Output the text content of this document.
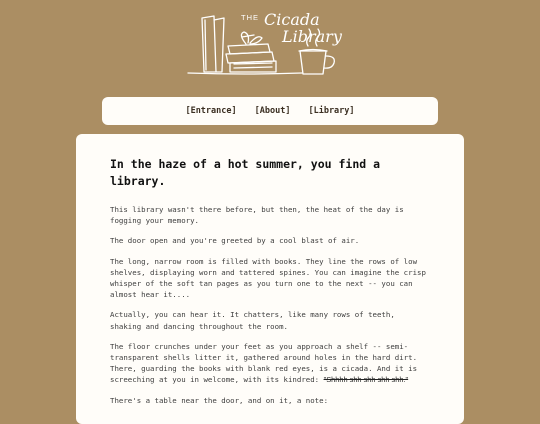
THE Cicada
Library
[Entrance] [About] [Library]
In the haze of a hot summer, you find a library.

This library wasn't there before, but then, the heat of the day is fogging your memory.

The door open and you're greeted by a cool blast of air.

The long, narrow room is filled with books. They line the rows of low shelves, displaying worn and tattered spines. You can imagine the crisp whisper of the soft tan pages as you turn one to the next -- you can almost hear it....

Actually, you can hear it. It chatters, like many rows of teeth, shaking and dancing throughout the room.

The floor crunches under your feet as you approach a shelf -- semi-transparent shells litter it, gathered around holes in the hard dirt. There, guarding the books with blank red eyes, is a cicada. And it is screeching at you in welcome, with its kindred: "Shhhh shh shh shh shh."

There's a table near the door, and on it, a note:
